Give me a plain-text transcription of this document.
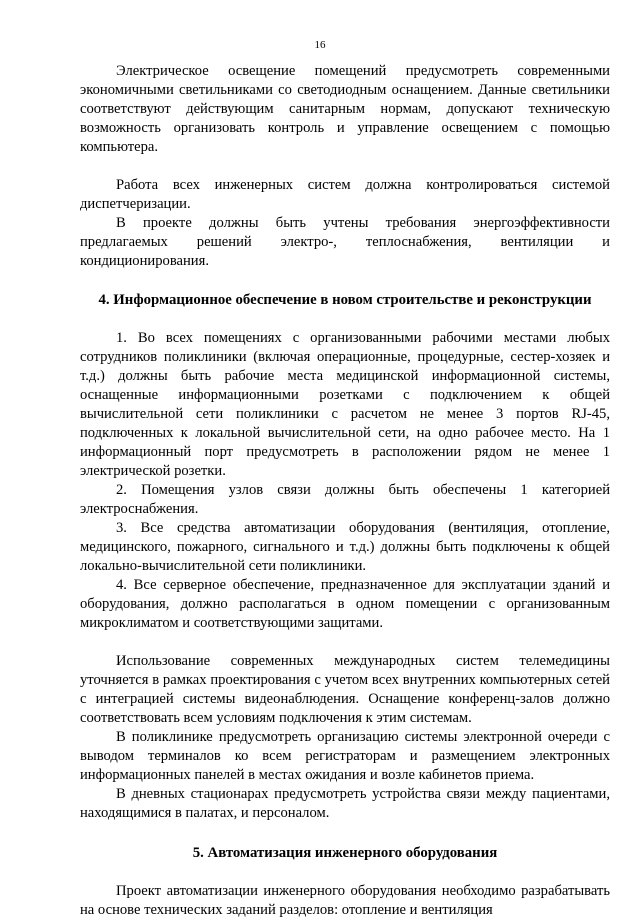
16

Электрическое освещение помещений предусмотреть современными экономичными светильниками со светодиодным оснащением. Данные светильники соответствуют действующим санитарным нормам, допускают техническую возможность организовать контроль и управление освещением с помощью компьютера.

Работа всех инженерных систем должна контролироваться системой диспетчеризации.

В проекте должны быть учтены требования энергоэффективности предлагаемых решений электро-, теплоснабжения, вентиляции и кондиционирования.

4. Информационное обеспечение в новом строительстве и реконструкции

1. Во всех помещениях с организованными рабочими местами любых сотрудников поликлиники (включая операционные, процедурные, сестер-хозяек и т.д.) должны быть рабочие места медицинской информационной системы, оснащенные информационными розетками с подключением к общей вычислительной сети поликлиники с расчетом не менее 3 портов RJ-45, подключенных к локальной вычислительной сети, на одно рабочее место. На 1 информационный порт предусмотреть в расположении рядом не менее 1 электрической розетки.

2. Помещения узлов связи должны быть обеспечены 1 категорией электроснабжения.

3. Все средства автоматизации оборудования (вентиляция, отопление, медицинского, пожарного, сигнального и т.д.) должны быть подключены к общей локально-вычислительной сети поликлиники.

4. Все серверное обеспечение, предназначенное для эксплуатации зданий и оборудования, должно располагаться в одном помещении с организованным микроклиматом и соответствующими защитами.

Использование современных международных систем телемедицины уточняется в рамках проектирования с учетом всех внутренних компьютерных сетей с интеграцией системы видеонаблюдения. Оснащение конференц-залов должно соответствовать всем условиям подключения к этим системам.

В поликлинике предусмотреть организацию системы электронной очереди с выводом терминалов ко всем регистраторам и размещением электронных информационных панелей в местах ожидания и возле кабинетов приема.

В дневных стационарах предусмотреть устройства связи между пациентами, находящимися в палатах, и персоналом.

5. Автоматизация инженерного оборудования

Проект автоматизации инженерного оборудования необходимо разрабатывать на основе технических заданий разделов: отопление и вентиляция
